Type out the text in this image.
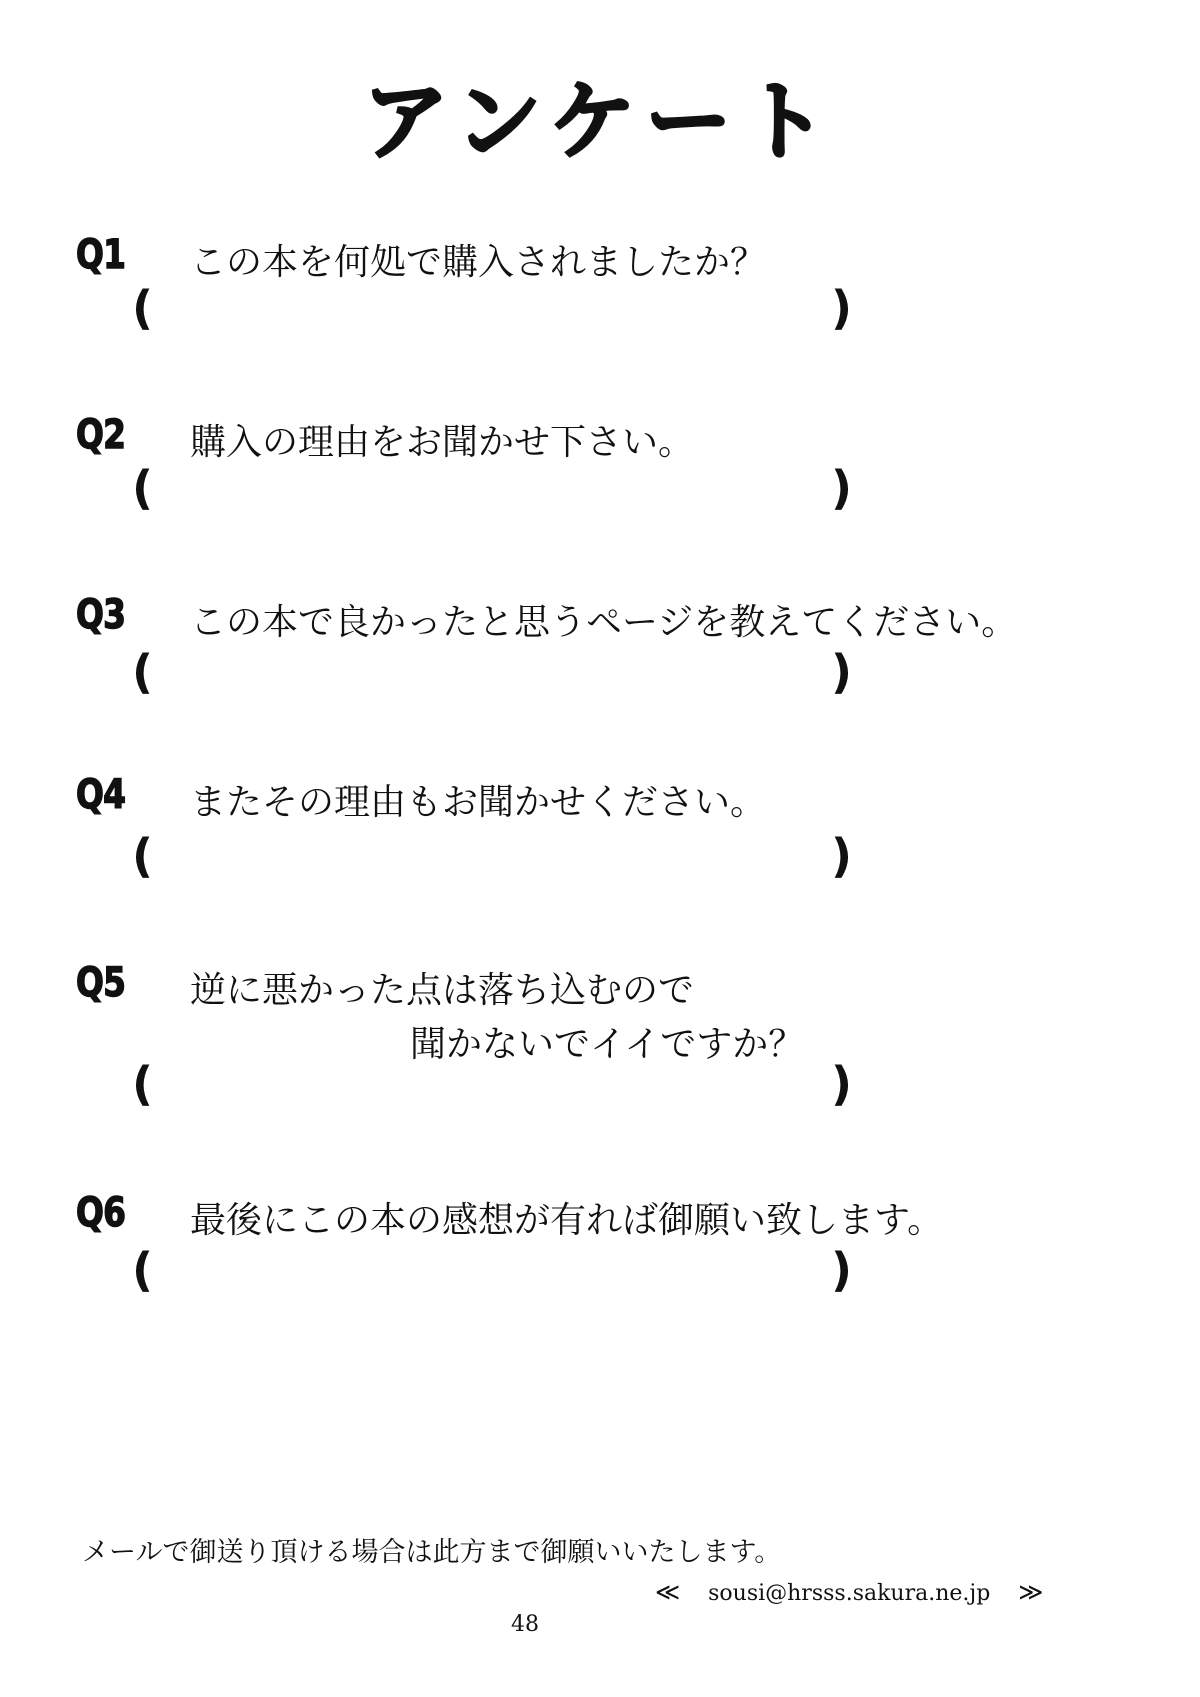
アンケート
Q1 この本を何処で購入されましたか？
(	)
Q2 購入の理由をお聞かせ下さい。
(	)
Q3 この本で良かったと思うページを教えてください。
(	)
Q4 またその理由もお聞かせください。
(	)
Q5 逆に悪かった点は落ち込むので
聞かないでイイですか？
(	)
Q6 最後にこの本の感想が有れば御願い致します。
(	)
メールで御送り頂ける場合は此方まで御願いいたします。
≪ sousi@hrsss.sakura.ne.jp ≫
48
